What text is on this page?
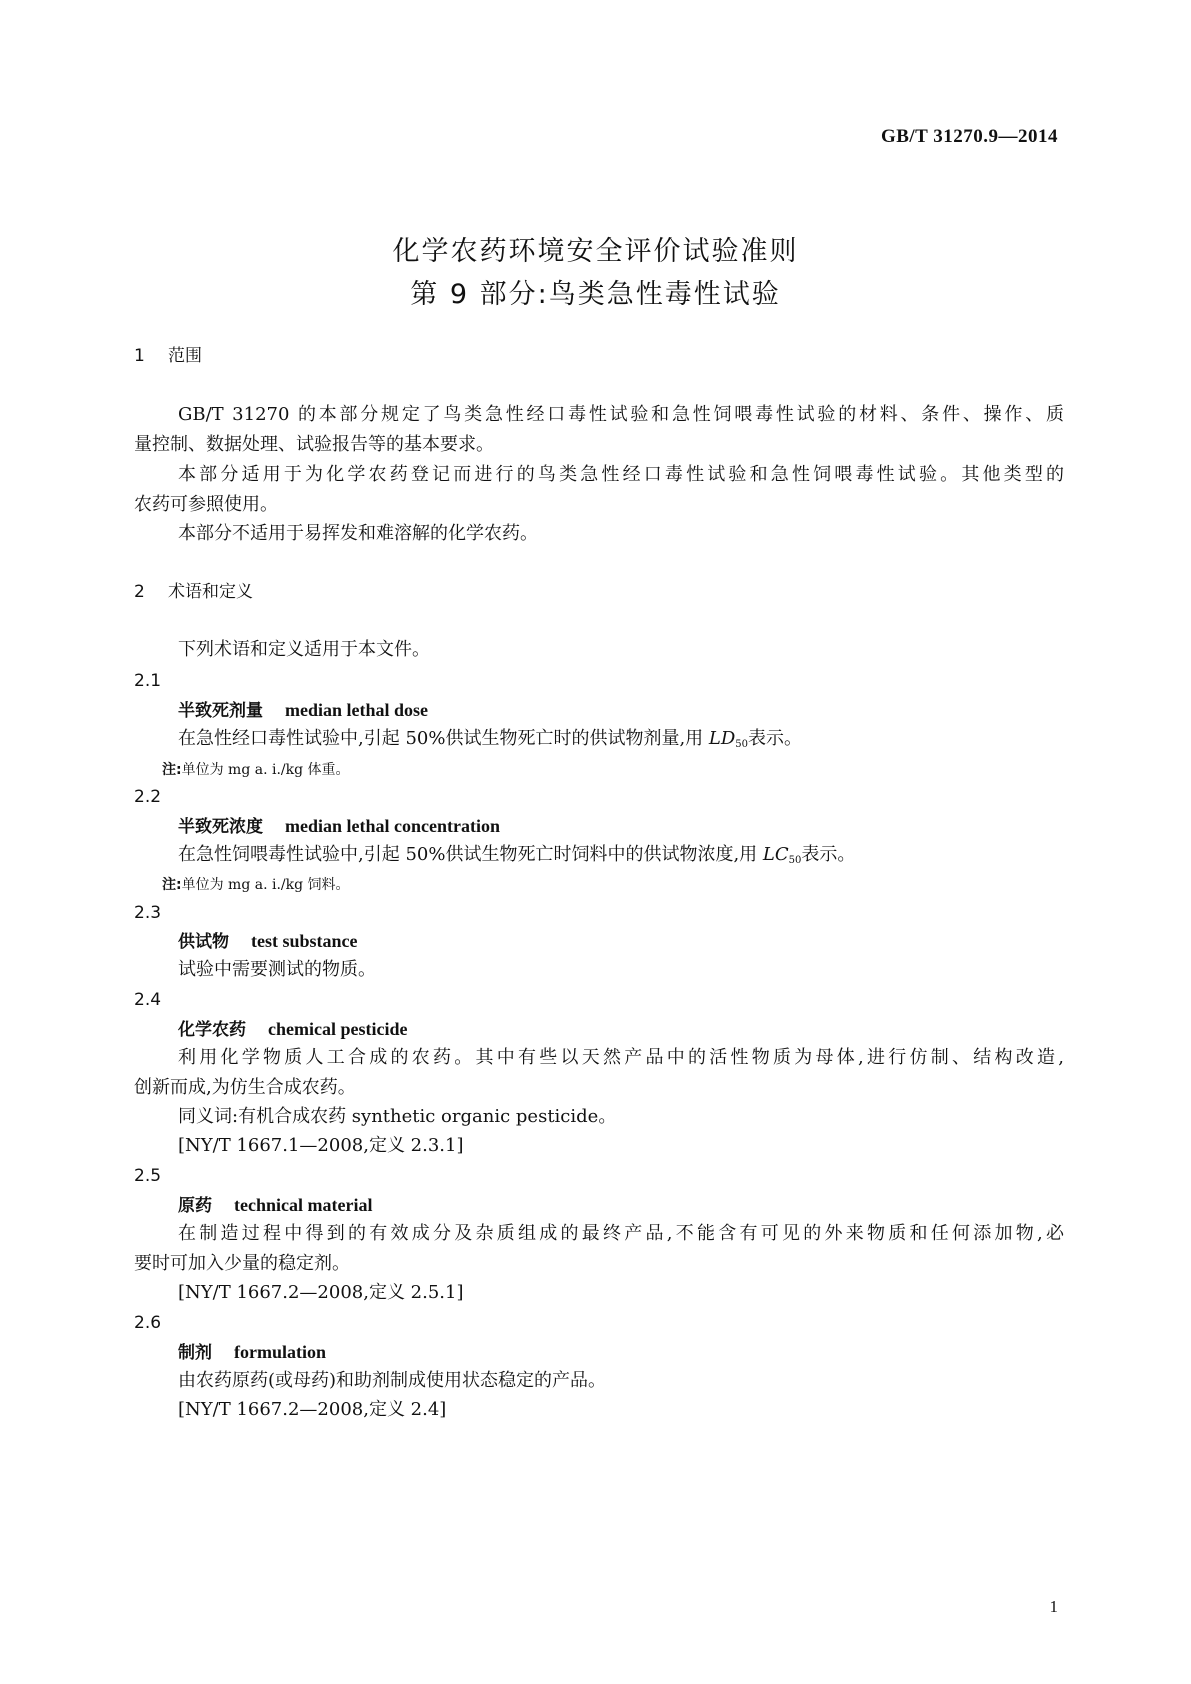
GB/T 31270.9—2014
化学农药环境安全评价试验准则
第 9 部分:鸟类急性毒性试验
1 范围
GB/T 31270 的本部分规定了鸟类急性经口毒性试验和急性饲喂毒性试验的材料、条件、操作、质
量控制、数据处理、试验报告等的基本要求。
本部分适用于为化学农药登记而进行的鸟类急性经口毒性试验和急性饲喂毒性试验。其他类型的
农药可参照使用。
本部分不适用于易挥发和难溶解的化学农药。
2 术语和定义
下列术语和定义适用于本文件。
2.1
半致死剂量 median lethal dose
在急性经口毒性试验中,引起 50%供试生物死亡时的供试物剂量,用 $LD_{50}$表示。
注:单位为 mg a. i./kg 体重。
2.2
半致死浓度 median lethal concentration
在急性饲喂毒性试验中,引起 50%供试生物死亡时饲料中的供试物浓度,用 $LC_{50}$表示。
注:单位为 mg a. i./kg 饲料。
2.3
供试物 test substance
试验中需要测试的物质。
2.4
化学农药 chemical pesticide
利用化学物质人工合成的农药。其中有些以天然产品中的活性物质为母体,进行仿制、结构改造,
创新而成,为仿生合成农药。
同义词:有机合成农药 synthetic organic pesticide。
[NY/T 1667.1—2008,定义 2.3.1]
2.5
原药 technical material
在制造过程中得到的有效成分及杂质组成的最终产品,不能含有可见的外来物质和任何添加物,必
要时可加入少量的稳定剂。
[NY/T 1667.2—2008,定义 2.5.1]
2.6
制剂 formulation
由农药原药(或母药)和助剂制成使用状态稳定的产品。
[NY/T 1667.2—2008,定义 2.4]
1
